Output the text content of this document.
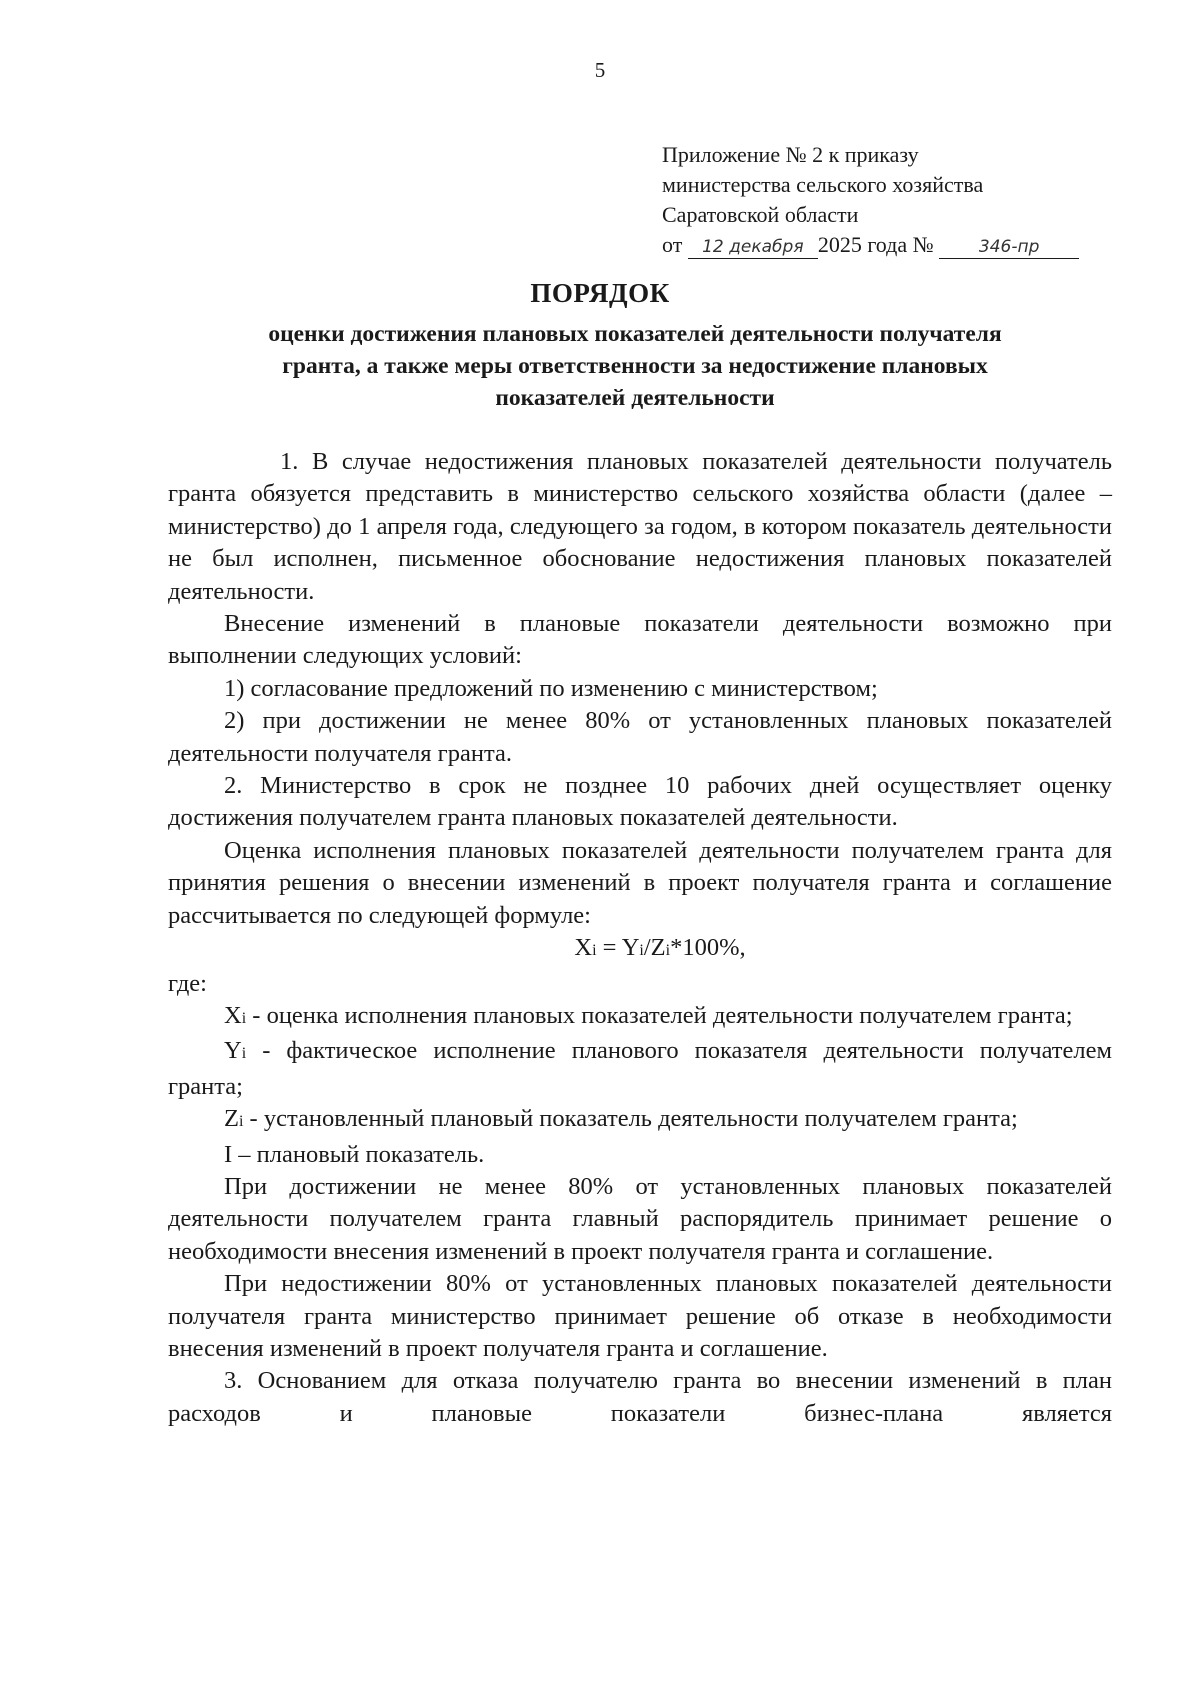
5
Приложение № 2 к приказу
министерства сельского хозяйства
Саратовской области
от 12 декабря 2025 года №	346-пр
ПОРЯДОК
оценки достижения плановых показателей деятельности получателя
гранта, а также меры ответственности за недостижение плановых
показателей деятельности

1. В случае недостижения плановых показателей деятельности получатель гранта обязуется представить в министерство сельского хозяйства области (далее – министерство) до 1 апреля года, следующего за годом, в котором показатель деятельности не был исполнен, письменное обоснование недостижения плановых показателей деятельности.

Внесение изменений в плановые показатели деятельности возможно при выполнении следующих условий:

1) согласование предложений по изменению с министерством;

2) при достижении не менее 80% от установленных плановых показателей деятельности получателя гранта.

2. Министерство в срок не позднее 10 рабочих дней осуществляет оценку достижения получателем гранта плановых показателей деятельности.

Оценка исполнения плановых показателей деятельности получателем гранта для принятия решения о внесении изменений в проект получателя гранта и соглашение рассчитывается по следующей формуле:

Xi = Yi/Zi*100%,

где:

Xi - оценка исполнения плановых показателей деятельности получателем гранта;

Yi - фактическое исполнение планового показателя деятельности получателем гранта;

Zi - установленный плановый показатель деятельности получателем гранта;

I – плановый показатель.

При достижении не менее 80% от установленных плановых показателей деятельности получателем гранта главный распорядитель принимает решение о необходимости внесения изменений в проект получателя гранта и соглашение.

При недостижении 80% от установленных плановых показателей деятельности получателя гранта министерство принимает решение об отказе в необходимости внесения изменений в проект получателя гранта и соглашение.

3. Основанием для отказа получателю гранта во внесении изменений в план расходов и плановые показатели бизнес-плана является
